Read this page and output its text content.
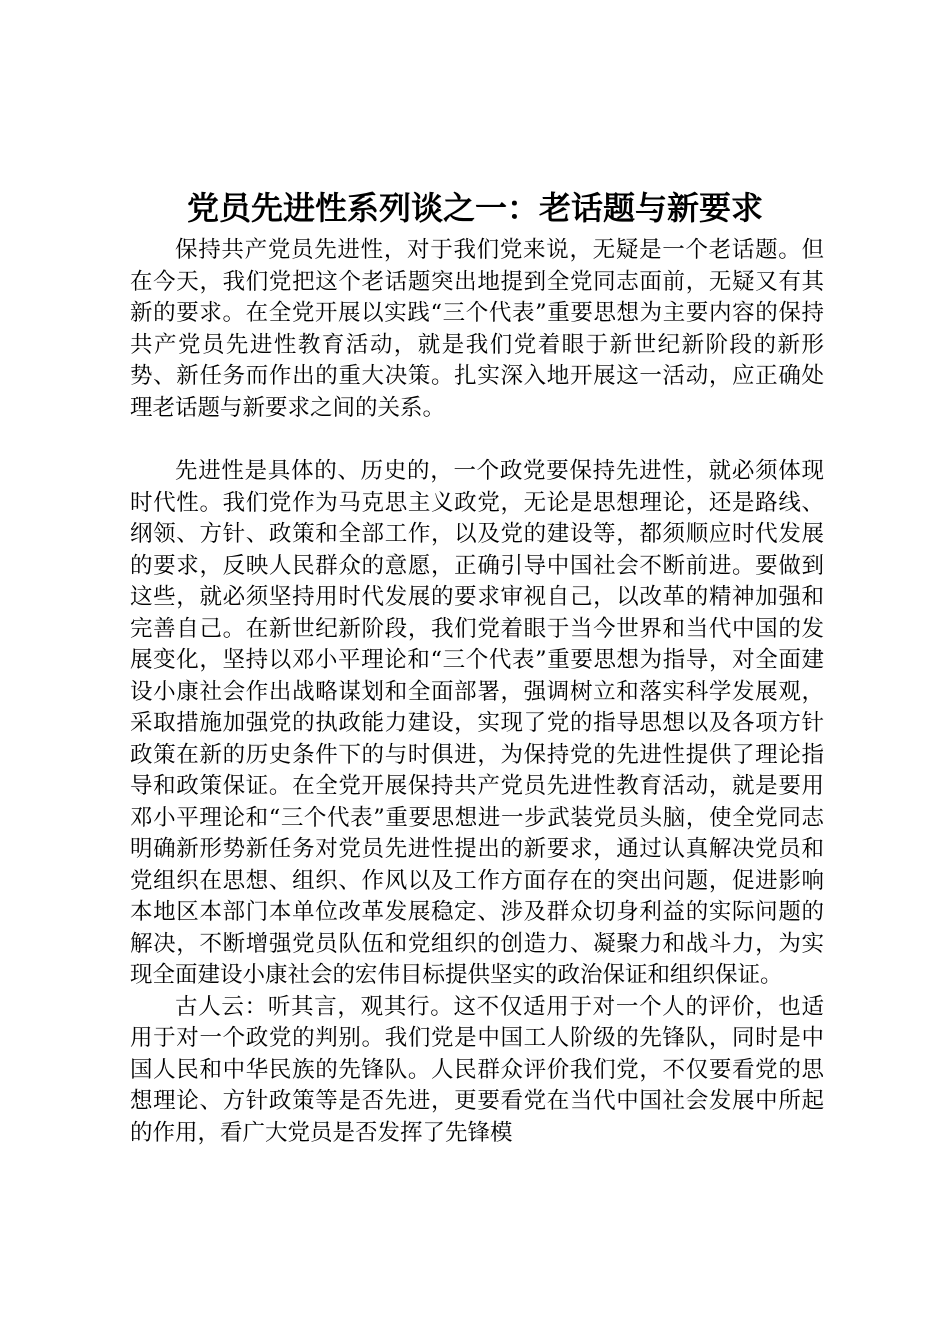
党员先进性系列谈之一：老话题与新要求

保持共产党员先进性，对于我们党来说，无疑是一个老话题。但在今天，我们党把这个老话题突出地提到全党同志面前，无疑又有其新的要求。在全党开展以实践“三个代表”重要思想为主要内容的保持共产党员先进性教育活动，就是我们党着眼于新世纪新阶段的新形势、新任务而作出的重大决策。扎实深入地开展这一活动，应正确处理老话题与新要求之间的关系。

先进性是具体的、历史的，一个政党要保持先进性，就必须体现时代性。我们党作为马克思主义政党，无论是思想理论，还是路线、纲领、方针、政策和全部工作，以及党的建设等，都须顺应时代发展的要求，反映人民群众的意愿，正确引导中国社会不断前进。要做到这些，就必须坚持用时代发展的要求审视自己，以改革的精神加强和完善自己。在新世纪新阶段，我们党着眼于当今世界和当代中国的发展变化，坚持以邓小平理论和“三个代表”重要思想为指导，对全面建设小康社会作出战略谋划和全面部署，强调树立和落实科学发展观，采取措施加强党的执政能力建设，实现了党的指导思想以及各项方针政策在新的历史条件下的与时俱进，为保持党的先进性提供了理论指导和政策保证。在全党开展保持共产党员先进性教育活动，就是要用邓小平理论和“三个代表”重要思想进一步武装党员头脑，使全党同志明确新形势新任务对党员先进性提出的新要求，通过认真解决党员和党组织在思想、组织、作风以及工作方面存在的突出问题，促进影响本地区本部门本单位改革发展稳定、涉及群众切身利益的实际问题的解决，不断增强党员队伍和党组织的创造力、凝聚力和战斗力，为实现全面建设小康社会的宏伟目标提供坚实的政治保证和组织保证。

古人云：听其言，观其行。这不仅适用于对一个人的评价，也适用于对一个政党的判别。我们党是中国工人阶级的先锋队，同时是中国人民和中华民族的先锋队。人民群众评价我们党，不仅要看党的思想理论、方针政策等是否先进，更要看党在当代中国社会发展中所起的作用，看广大党员是否发挥了先锋模
